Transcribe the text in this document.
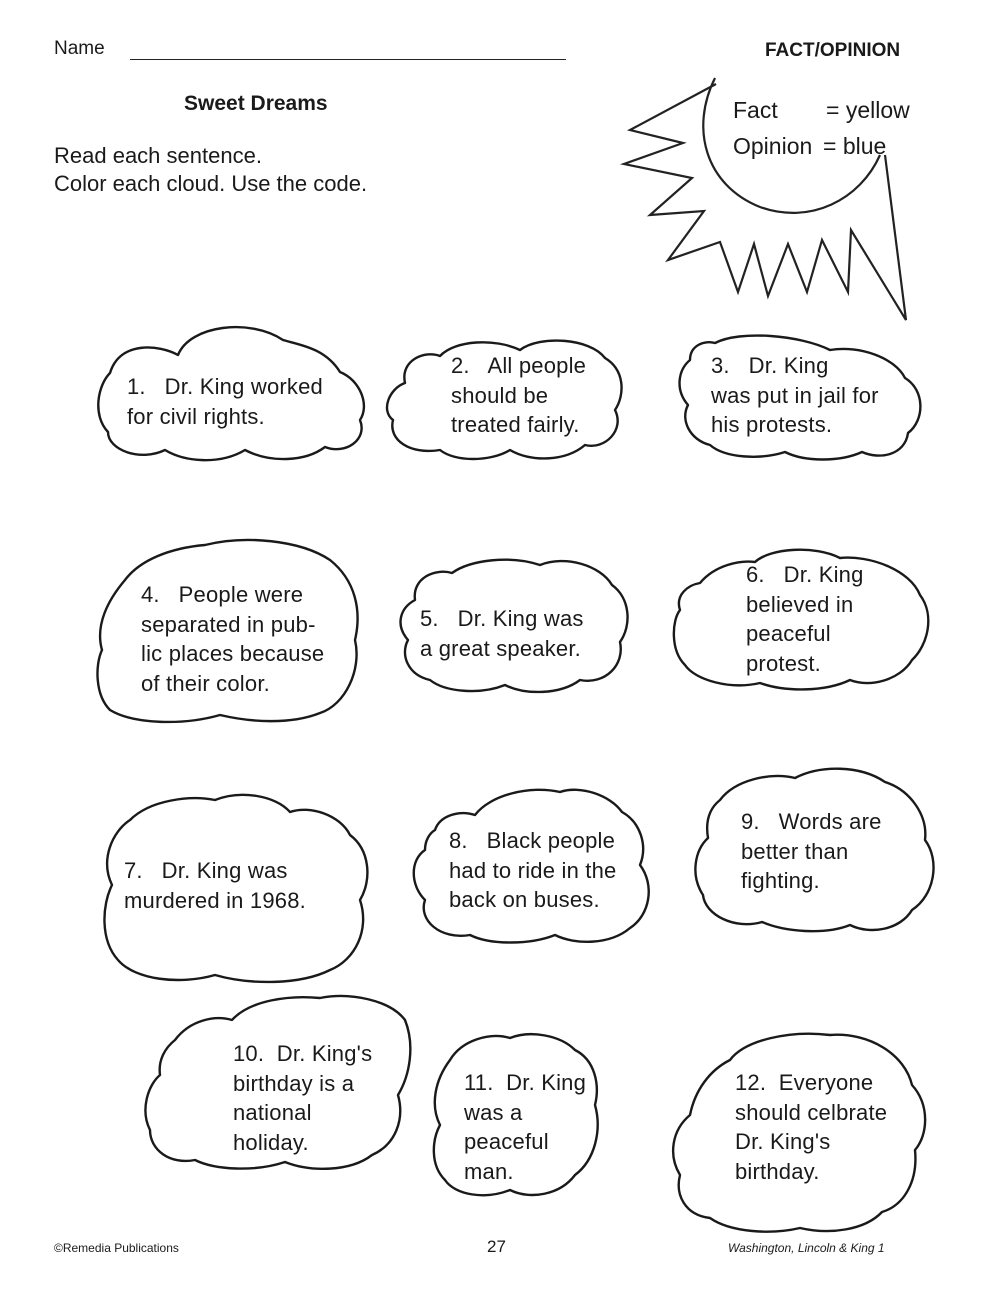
Name	FACT/OPINION
Sweet Dreams
Read each sentence.
Color each cloud. Use the code.
Fact = yellow
Opinion = blue
1.   Dr. King worked
for civil rights.
2.   All people
should be
treated fairly.
3.   Dr. King
was put in jail for
his protests.
4.   People were
separated in pub-
lic places because
of their color.
5.   Dr. King was
a great speaker.
6.   Dr. King
believed in
peaceful
protest.
7.   Dr. King was
murdered in 1968.
8.   Black people
had to ride in the
back on buses.
9.   Words are
better than
fighting.
10.  Dr. King's
birthday is a
national
holiday.
11.  Dr. King
was a
peaceful
man.
12.  Everyone
should celbrate
Dr. King's
birthday.
©Remedia Publications	27	Washington, Lincoln & King 1
